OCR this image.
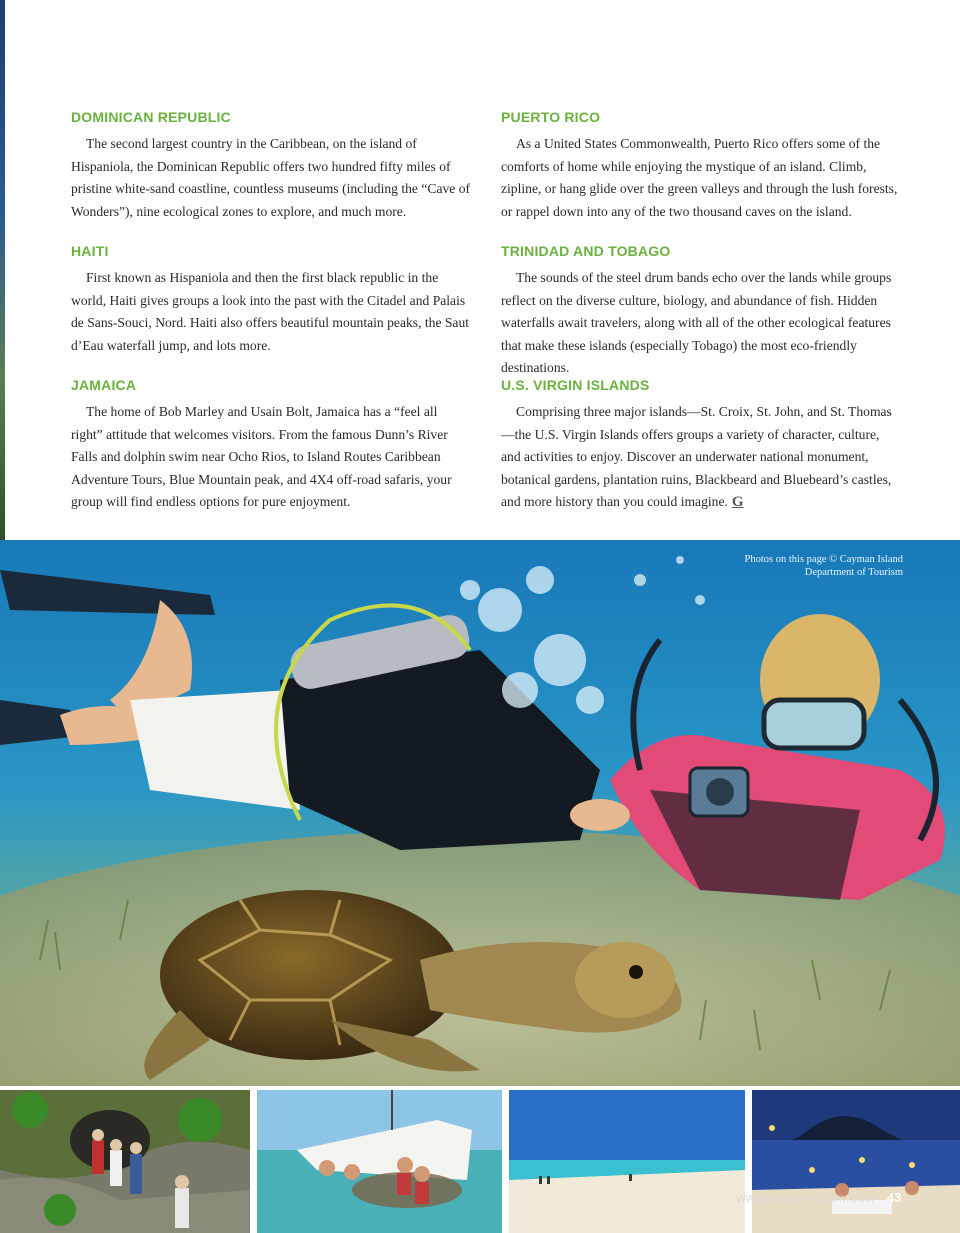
DOMINICAN REPUBLIC

The second largest country in the Caribbean, on the island of Hispaniola, the Dominican Republic offers two hundred fifty miles of pristine white-sand coastline, countless museums (including the “Cave of Wonders”), nine ecological zones to explore, and much more.

HAITI

First known as Hispaniola and then the first black republic in the world, Haiti gives groups a look into the past with the Citadel and Palais de Sans-Souci, Nord. Haiti also offers beautiful mountain peaks, the Saut d’Eau waterfall jump, and lots more.

JAMAICA

The home of Bob Marley and Usain Bolt, Jamaica has a “feel all right” attitude that welcomes visitors. From the famous Dunn’s River Falls and dolphin swim near Ocho Rios, to Island Routes Caribbean Adventure Tours, Blue Mountain peak, and 4X4 off-road safaris, your group will find endless options for pure enjoyment.

PUERTO RICO

As a United States Commonwealth, Puerto Rico offers some of the comforts of home while enjoying the mystique of an island. Climb, zipline, or hang glide over the green valleys and through the lush forests, or rappel down into any of the two thousand caves on the island.

TRINIDAD AND TOBAGO

The sounds of the steel drum bands echo over the lands while groups reflect on the diverse culture, biology, and abundance of fish. Hidden waterfalls await travelers, along with all of the other ecological features that make these islands (especially Tobago) the most eco-friendly destinations.

U.S. VIRGIN ISLANDS

Comprising three major islands—St. Croix, St. John, and St. Thomas—the U.S. Virgin Islands offers groups a variety of character, culture, and activities to enjoy. Discover an underwater national monument, botanical gardens, plantation ruins, Blackbeard and Bluebeard’s castles, and more history than you could imagine. G

Photos on this page © Cayman Island Department of Tourism
WWW.GROUPSTODAY.COM 43
